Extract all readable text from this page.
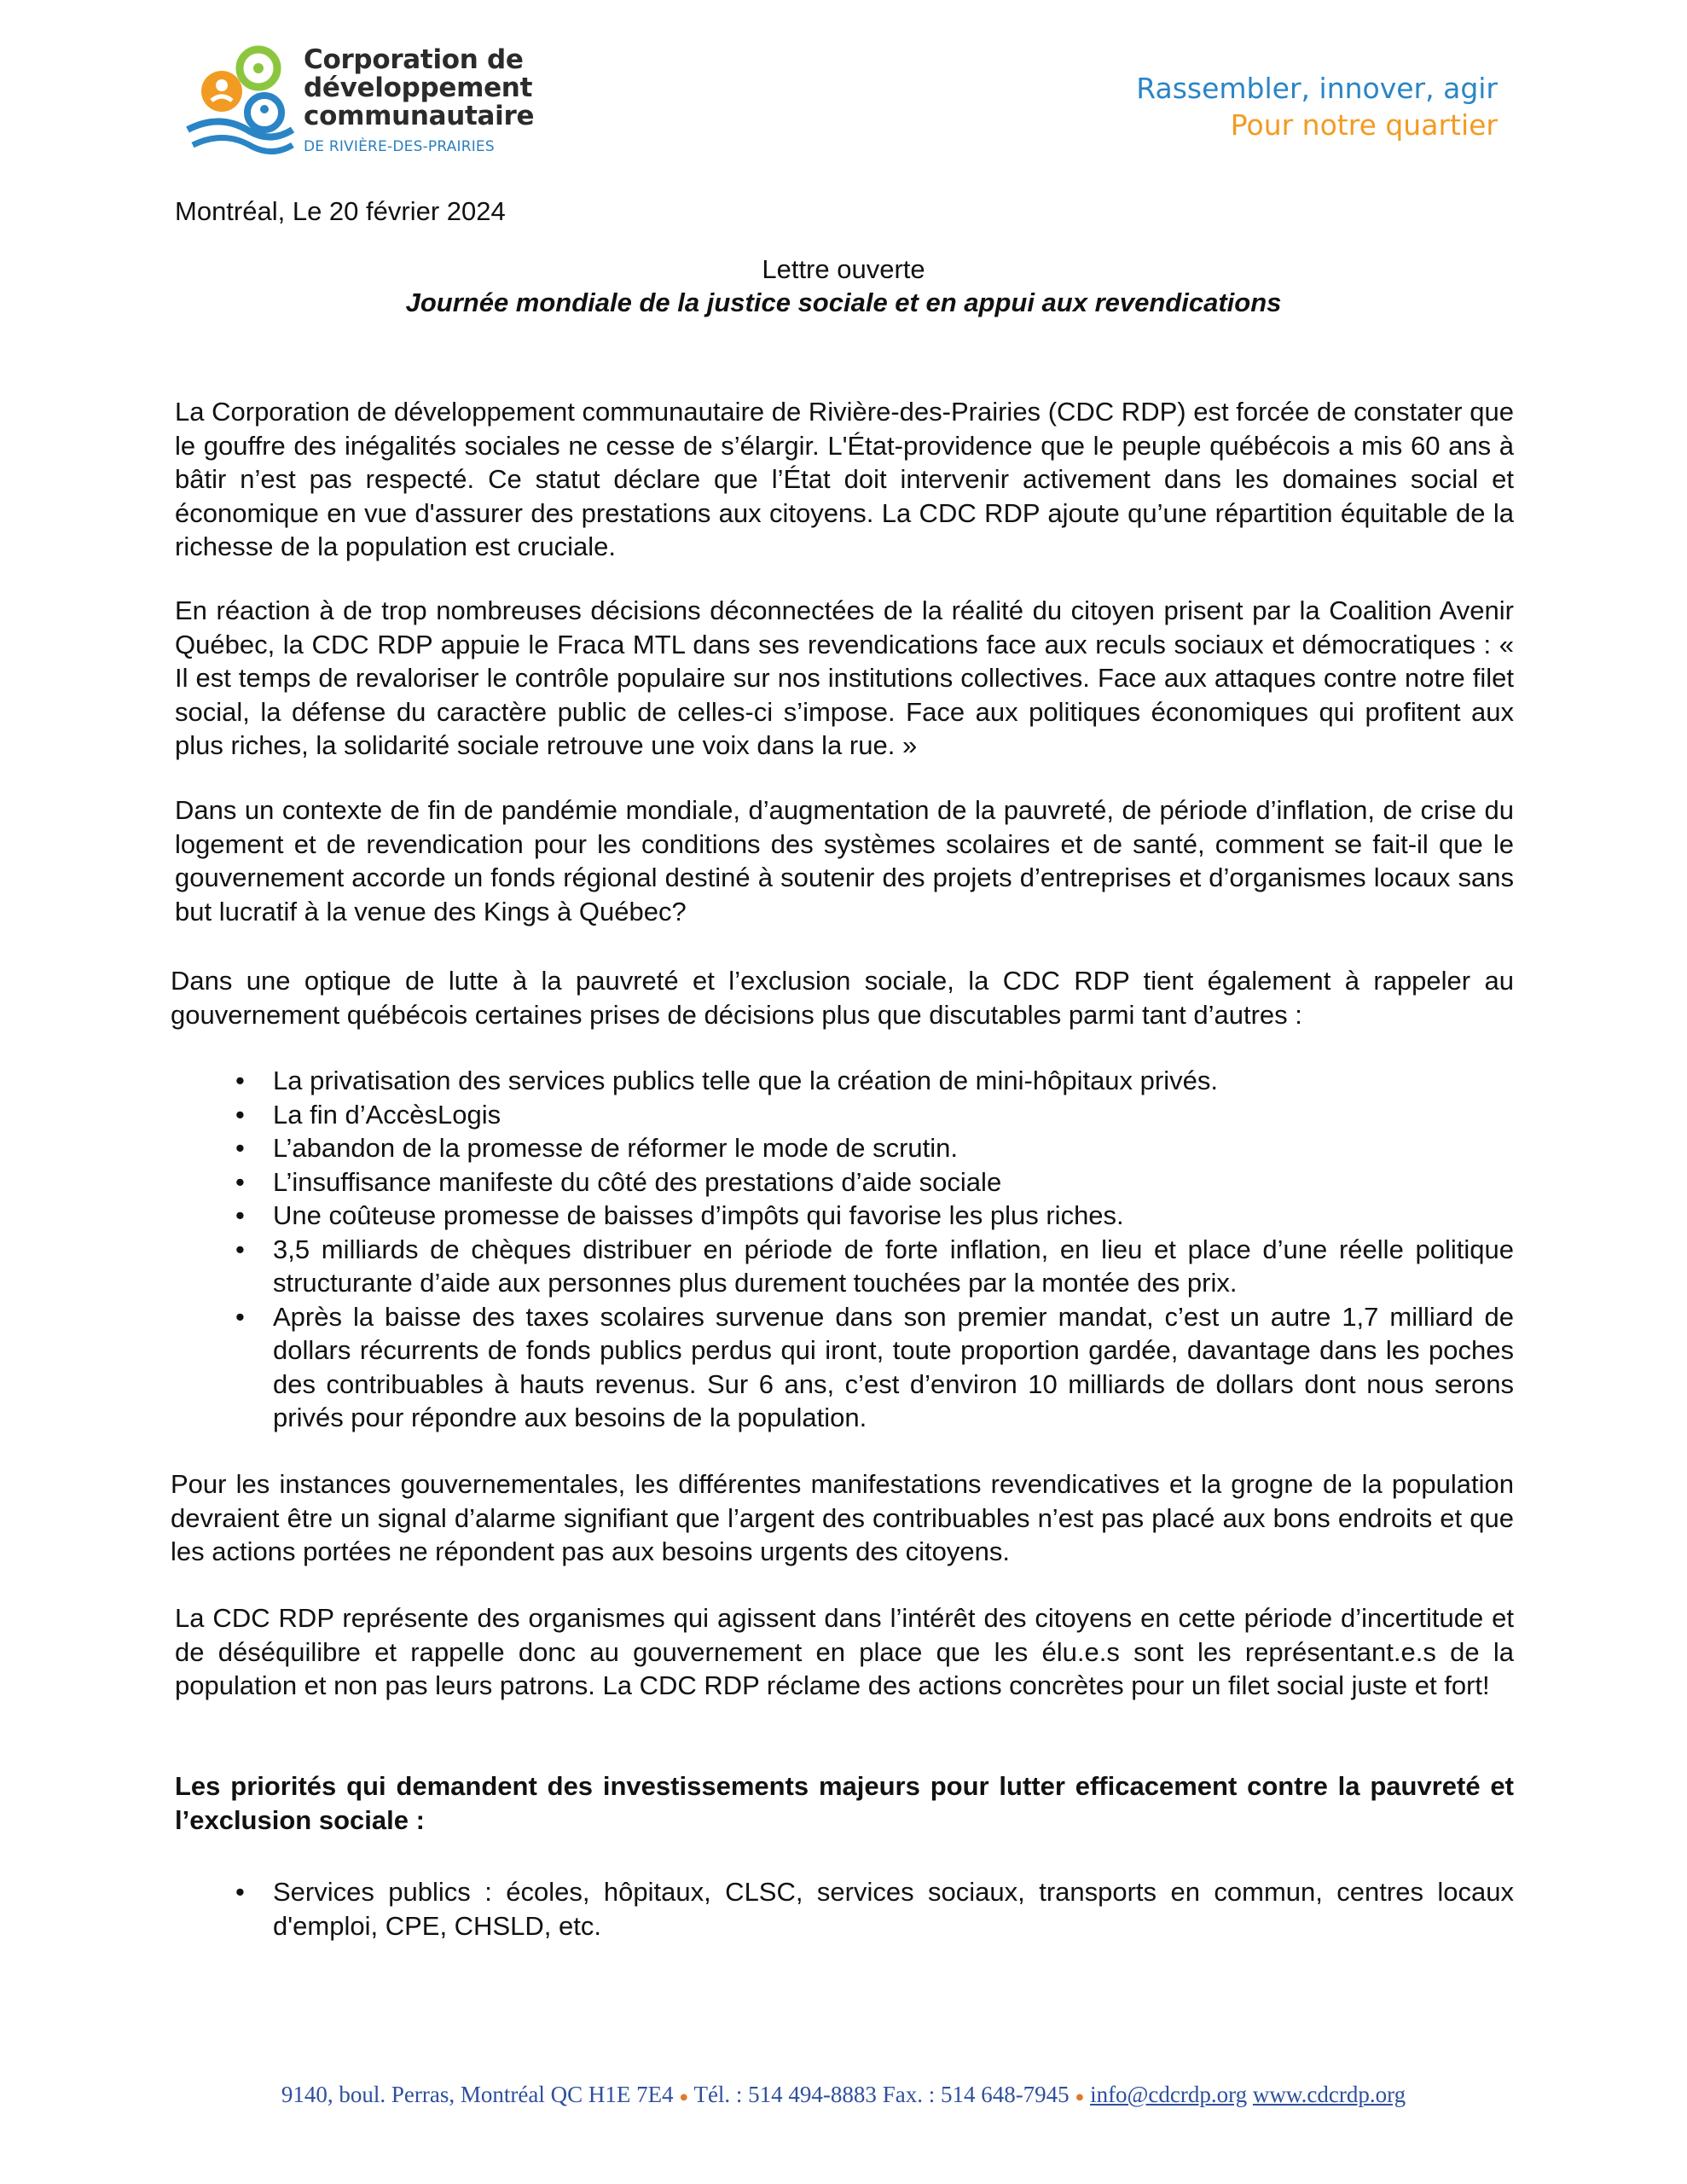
Corporation de
développement
communautaire
DE RIVIÈRE-DES-PRAIRIES
Rassembler, innover, agir
Pour notre quartier
Montréal, Le 20 février 2024
Lettre ouverte
Journée mondiale de la justice sociale et en appui aux revendications
La Corporation de développement communautaire de Rivière-des-Prairies (CDC RDP) est forcée de constater que le gouffre des inégalités sociales ne cesse de s’élargir. L'État-providence que le peuple québécois a mis 60 ans à bâtir n’est pas respecté. Ce statut déclare que l’État doit intervenir activement dans les domaines social et économique en vue d'assurer des prestations aux citoyens. La CDC RDP ajoute qu’une répartition équitable de la richesse de la population est cruciale.
En réaction à de trop nombreuses décisions déconnectées de la réalité du citoyen prisent par la Coalition Avenir Québec, la CDC RDP appuie le Fraca MTL dans ses revendications face aux reculs sociaux et démocratiques : « Il est temps de revaloriser le contrôle populaire sur nos institutions collectives. Face aux attaques contre notre filet social, la défense du caractère public de celles-ci s’impose. Face aux politiques économiques qui profitent aux plus riches, la solidarité sociale retrouve une voix dans la rue. »
Dans un contexte de fin de pandémie mondiale, d’augmentation de la pauvreté, de période d’inflation, de crise du logement et de revendication pour les conditions des systèmes scolaires et de santé, comment se fait-il que le gouvernement accorde un fonds régional destiné à soutenir des projets d’entreprises et d’organismes locaux sans but lucratif à la venue des Kings à Québec?
Dans une optique de lutte à la pauvreté et l’exclusion sociale, la CDC RDP tient également à rappeler au gouvernement québécois certaines prises de décisions plus que discutables parmi tant d’autres :
• La privatisation des services publics telle que la création de mini-hôpitaux privés.
• La fin d’AccèsLogis
• L’abandon de la promesse de réformer le mode de scrutin.
• L’insuffisance manifeste du côté des prestations d’aide sociale
• Une coûteuse promesse de baisses d’impôts qui favorise les plus riches.
• 3,5 milliards de chèques distribuer en période de forte inflation, en lieu et place d’une réelle politique structurante d’aide aux personnes plus durement touchées par la montée des prix.
• Après la baisse des taxes scolaires survenue dans son premier mandat, c’est un autre 1,7 milliard de dollars récurrents de fonds publics perdus qui iront, toute proportion gardée, davantage dans les poches des contribuables à hauts revenus. Sur 6 ans, c’est d’environ 10 milliards de dollars dont nous serons privés pour répondre aux besoins de la population.
Pour les instances gouvernementales, les différentes manifestations revendicatives et la grogne de la population devraient être un signal d’alarme signifiant que l’argent des contribuables n’est pas placé aux bons endroits et que les actions portées ne répondent pas aux besoins urgents des citoyens.
La CDC RDP représente des organismes qui agissent dans l’intérêt des citoyens en cette période d’incertitude et de déséquilibre et rappelle donc au gouvernement en place que les élu.e.s sont les représentant.e.s de la population et non pas leurs patrons. La CDC RDP réclame des actions concrètes pour un filet social juste et fort!
Les priorités qui demandent des investissements majeurs pour lutter efficacement contre la pauvreté et l’exclusion sociale :
• Services publics : écoles, hôpitaux, CLSC, services sociaux, transports en commun, centres locaux d'emploi, CPE, CHSLD, etc.
9140, boul. Perras, Montréal QC H1E 7E4 ● Tél. : 514 494-8883 Fax. : 514 648-7945 ● info@cdcrdp.org www.cdcrdp.org
